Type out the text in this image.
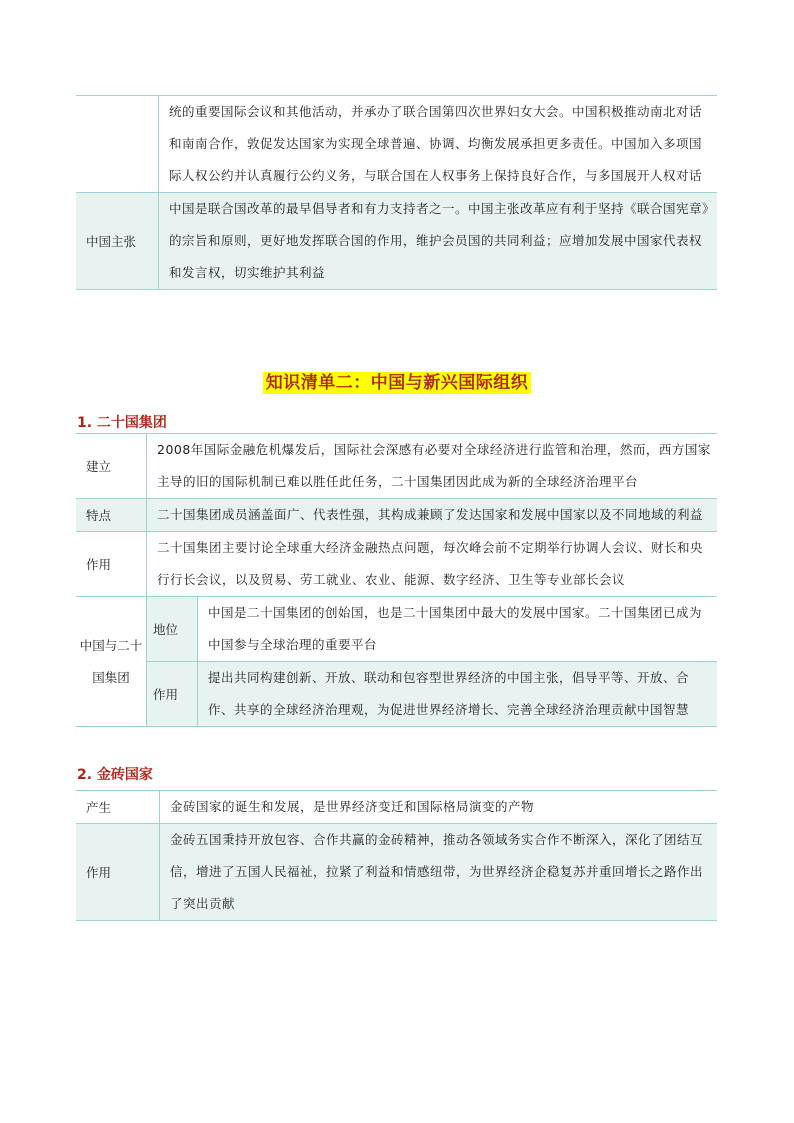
	统的重要国际会议和其他活动，并承办了联合国第四次世界妇女大会。中国积极推动南北对话和南南合作，敦促发达国家为实现全球普遍、协调、均衡发展承担更多责任。中国加入多项国际人权公约并认真履行公约义务，与联合国在人权事务上保持良好合作，与多国展开人权对话
中国主张	中国是联合国改革的最早倡导者和有力支持者之一。中国主张改革应有利于坚持《联合国宪章》的宗旨和原则，更好地发挥联合国的作用，维护会员国的共同利益；应增加发展中国家代表权和发言权，切实维护其利益
知识清单二：中国与新兴国际组织
1. 二十国集团
建立	2008年国际金融危机爆发后，国际社会深感有必要对全球经济进行监管和治理，然而，西方国家主导的旧的国际机制已难以胜任此任务，二十国集团因此成为新的全球经济治理平台	
特点	二十国集团成员涵盖面广、代表性强，其构成兼顾了发达国家和发展中国家以及不同地域的利益	
作用	二十国集团主要讨论全球重大经济金融热点问题，每次峰会前不定期举行协调人会议、财长和央行行长会议，以及贸易、劳工就业、农业、能源、数字经济、卫生等专业部长会议	
中国与二十国集团	地位	中国是二十国集团的创始国，也是二十国集团中最大的发展中国家。二十国集团已成为中国参与全球治理的重要平台
	作用	提出共同构建创新、开放、联动和包容型世界经济的中国主张，倡导平等、开放、合作、共享的全球经济治理观，为促进世界经济增长、完善全球经济治理贡献中国智慧
2. 金砖国家
产生	金砖国家的诞生和发展，是世界经济变迁和国际格局演变的产物
作用	金砖五国秉持开放包容、合作共赢的金砖精神，推动各领域务实合作不断深入，深化了团结互信，增进了五国人民福祉，拉紧了利益和情感纽带，为世界经济企稳复苏并重回增长之路作出了突出贡献
